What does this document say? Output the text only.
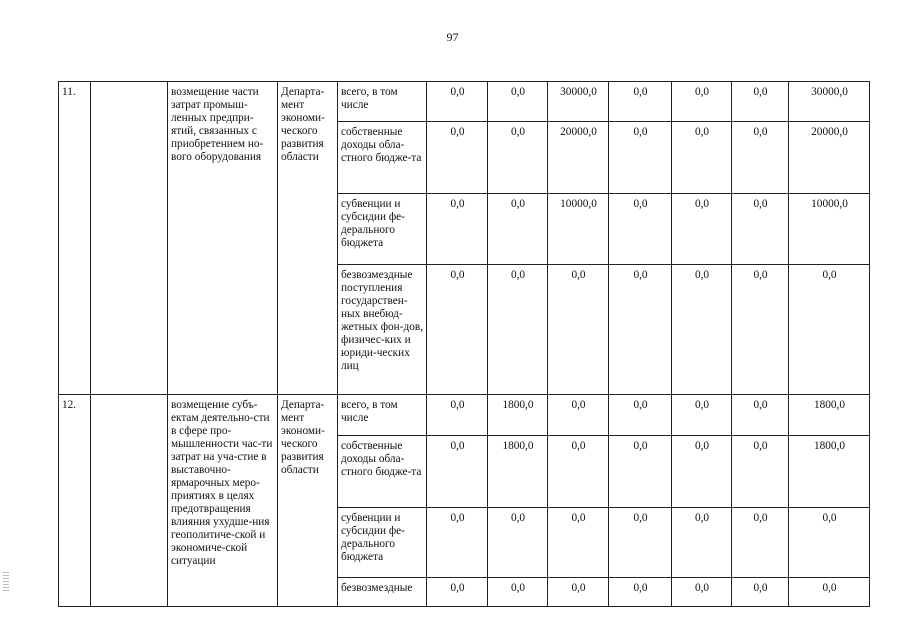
97
11.		возмещение части затрат промыш-ленных предпри-ятий, связанных с приобретением но-вого оборудования	Департа-мент экономи-ческого развития области	всего, в том числе	0,0	0,0	30000,0	0,0	0,0	0,0	30000,0
				собственные доходы обла-стного бюдже-та	0,0	0,0	20000,0	0,0	0,0	0,0	20000,0
				субвенции и субсидии фе-дерального бюджета	0,0	0,0	10000,0	0,0	0,0	0,0	10000,0
				безвозмездные поступления государствен-ных внебюд-жетных фон-дов, физичес-ких и юриди-ческих лиц	0,0	0,0	0,0	0,0	0,0	0,0	0,0
12.		возмещение субъ-ектам деятельно-сти в сфере про-мышленности час-ти затрат на уча-стие в выставочно-ярмарочных меро-приятиях в целях предотвращения влияния ухудше-ния геополитиче-ской и экономиче-ской ситуации	Департа-мент экономи-ческого развития области	всего, в том числе	0,0	1800,0	0,0	0,0	0,0	0,0	1800,0
				собственные доходы обла-стного бюдже-та	0,0	1800,0	0,0	0,0	0,0	0,0	1800,0
				субвенции и субсидии фе-дерального бюджета	0,0	0,0	0,0	0,0	0,0	0,0	0,0
				безвозмездные	0,0	0,0	0,0	0,0	0,0	0,0	0,0
